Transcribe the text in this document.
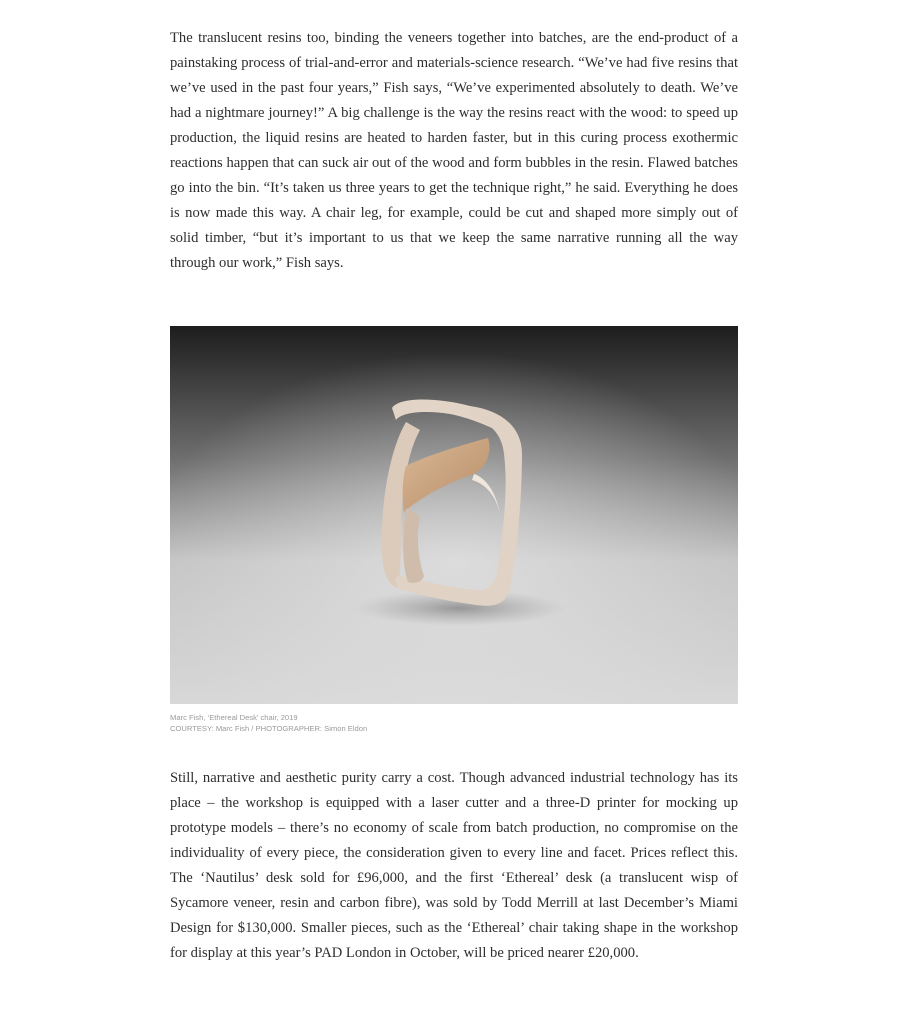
The translucent resins too, binding the veneers together into batches, are the end-product of a painstaking process of trial-and-error and materials-science research. “We’ve had five resins that we’ve used in the past four years,” Fish says, “We’ve experimented absolutely to death. We’ve had a nightmare journey!” A big challenge is the way the resins react with the wood: to speed up production, the liquid resins are heated to harden faster, but in this curing process exothermic reactions happen that can suck air out of the wood and form bubbles in the resin. Flawed batches go into the bin. “It’s taken us three years to get the technique right,” he said. Everything he does is now made this way. A chair leg, for example, could be cut and shaped more simply out of solid timber, “but it’s important to us that we keep the same narrative running all the way through our work,” Fish says.

Marc Fish, ‘Ethereal Desk’ chair, 2019
COURTESY: Marc Fish / PHOTOGRAPHER: Simon Eldon

Still, narrative and aesthetic purity carry a cost. Though advanced industrial technology has its place – the workshop is equipped with a laser cutter and a three-D printer for mocking up prototype models – there’s no economy of scale from batch production, no compromise on the individuality of every piece, the consideration given to every line and facet. Prices reflect this. The ‘Nautilus’ desk sold for £96,000, and the first ‘Ethereal’ desk (a translucent wisp of Sycamore veneer, resin and carbon fibre), was sold by Todd Merrill at last December’s Miami Design for $130,000. Smaller pieces, such as the ‘Ethereal’ chair taking shape in the workshop for display at this year’s PAD London in October, will be priced nearer £20,000.
